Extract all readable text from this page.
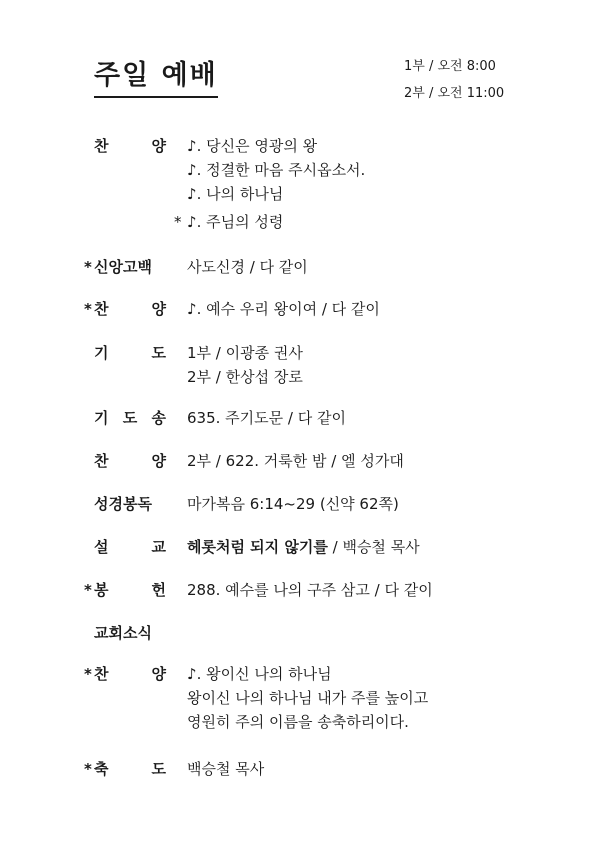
주일 예배	1부 / 오전 8:00
2부 / 오전 11:00
찬	양 ♪. 당신은 영광의 왕
♪. 정결한 마음 주시옵소서.
♪. 나의 하나님
♪. 주님의 성령
*
* 신앙고백	사도신경 / 다 같이
* 찬	양 ♪. 예수 우리 왕이여 / 다 같이
기	도 1부 / 이광종 권사
2부 / 한상섭 장로
기 도 송 635. 주기도문 / 다 같이
찬	양 2부 / 622. 거룩한 밤 / 엘 성가대
성경봉독	마가복음 6:14~29 (신약 62쪽)
설	교 헤롯처럼 되지 않기를 / 백승철 목사
* 봉	헌 288. 예수를 나의 구주 삼고 / 다 같이
교회소식
* 찬	양 ♪. 왕이신 나의 하나님
왕이신 나의 하나님 내가 주를 높이고
영원히 주의 이름을 송축하리이다.
* 축	도 백승철 목사
